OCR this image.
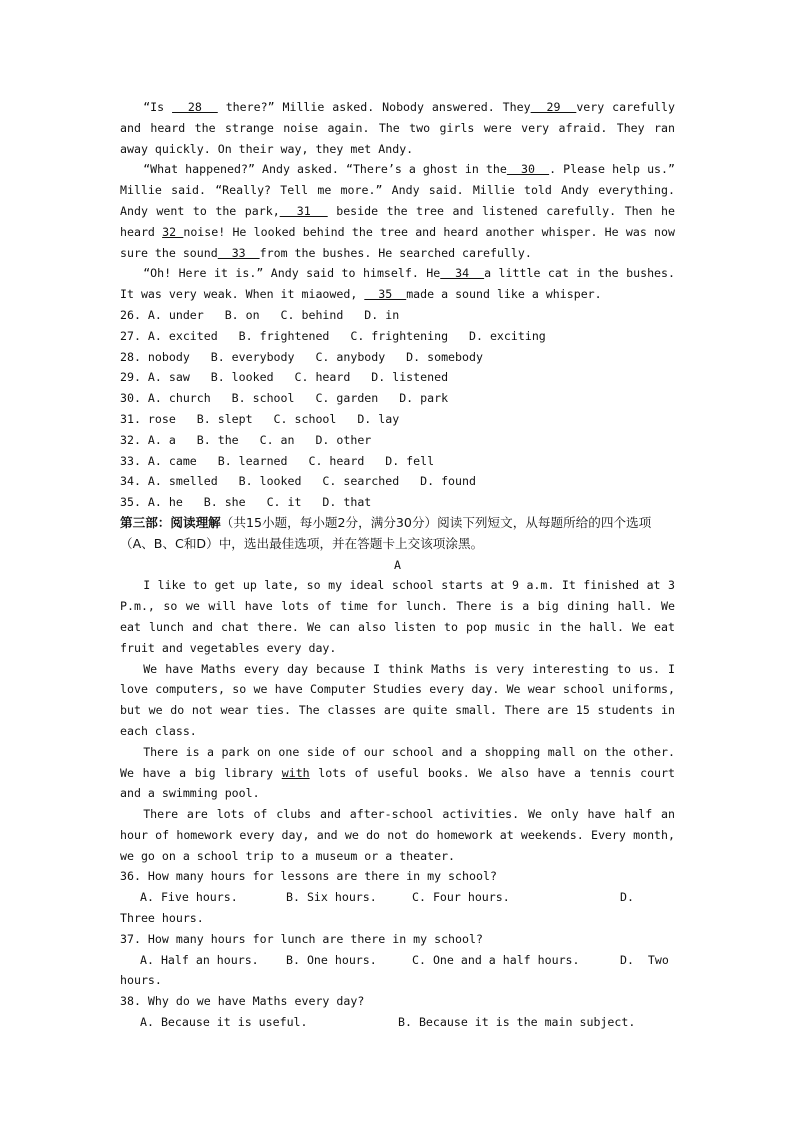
“Is   28   there?” Millie asked. Nobody answered. They  29  very carefully and heard the strange noise again. The two girls were very afraid. They ran away quickly. On their way, they met Andy.

“What happened?” Andy asked. “There’s a ghost in the  30  . Please help us.” Millie said. “Really? Tell me more.” Andy said. Millie told Andy everything. Andy went to the park,  31   beside the tree and listened carefully. Then he heard 32 noise! He looked behind the tree and heard another whisper. He was now sure the sound  33  from the bushes. He searched carefully.

“Oh! Here it is.” Andy said to himself. He  34  a little cat in the bushes. It was very weak. When it miaowed,   35  made a sound like a whisper.

26. A. under   B. on   C. behind   D. in

27. A. excited   B. frightened   C. frightening   D. exciting

28. nobody   B. everybody   C. anybody   D. somebody

29. A. saw   B. looked   C. heard   D. listened

30. A. church   B. school   C. garden   D. park

31. rose   B. slept   C. school   D. lay

32. A. a   B. the   C. an   D. other

33. A. came   B. learned   C. heard   D. fell

34. A. smelled   B. looked   C. searched   D. found

35. A. he   B. she   C. it   D. that

第三部：阅读理解（共15小题，每小题2分，满分30分）阅读下列短文，从每题所给的四个选项（A、B、C和D）中，选出最佳选项，并在答题卡上交该项涂黑。

A

I like to get up late, so my ideal school starts at 9 a.m. It finished at 3 P.m., so we will have lots of time for lunch. There is a big dining hall. We eat lunch and chat there. We can also listen to pop music in the hall. We eat fruit and vegetables every day.

We have Maths every day because I think Maths is very interesting to us. I love computers, so we have Computer Studies every day. We wear school uniforms, but we do not wear ties. The classes are quite small. There are 15 students in each class.

There is a park on one side of our school and a shopping mall on the other. We have a big library with lots of useful books. We also have a tennis court and a swimming pool.

There are lots of clubs and after-school activities. We only have half an hour of homework every day, and we do not do homework at weekends. Every month, we go on a school trip to a museum or a theater.

36. How many hours for lessons are there in my school?

A. Five hours.	B. Six hours.	C. Four hours.	D.

Three hours.

37. How many hours for lunch are there in my school?

A. Half an hours. B. One hours.	C. One and a half hours.	D.  Two

hours.

38. Why do we have Maths every day?

A. Because it is useful.	B. Because it is the main subject.
